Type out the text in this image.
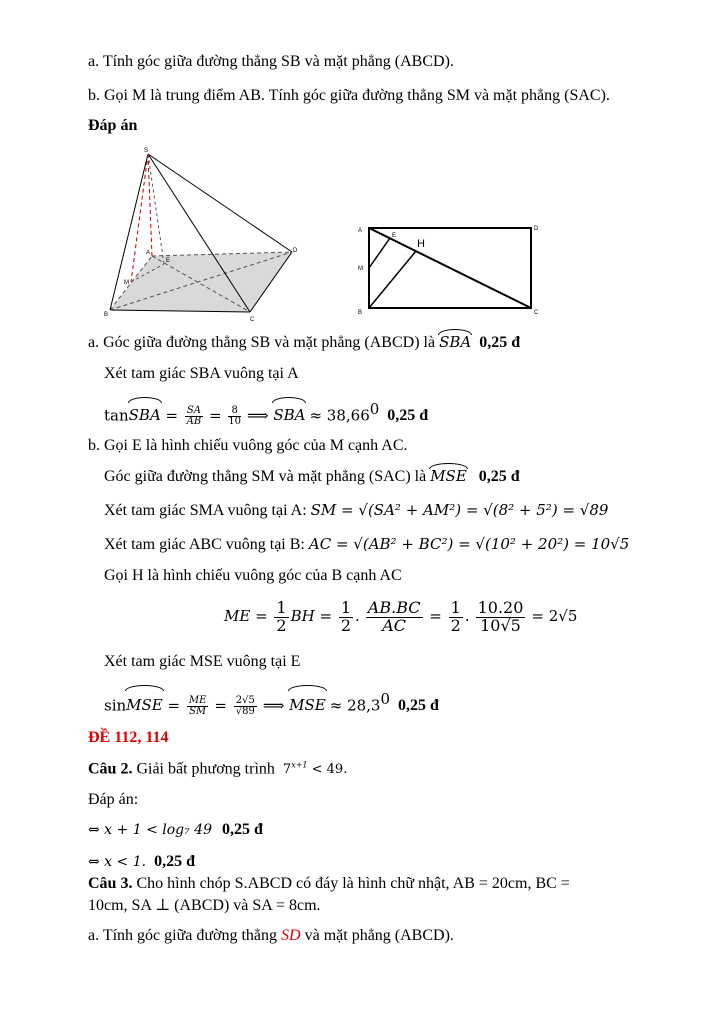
a. Tính góc giữa đường thẳng SB và mặt phẳng (ABCD).
b. Gọi M là trung điểm AB. Tính góc giữa đường thẳng SM và mặt phẳng (SAC).
Đáp án
S
A
B
C
D
M
E
A
B	C
D
E
H
M
a. Góc giữa đường thẳng SB và mặt phẳng (ABCD) là SBA 0,25 đ
Xét tam giác SBA vuông tại A
tanSBA = $\frac{SA}{AB} = \frac{8}{10}$ ⟹ SBA ≈ $38,66^0$ 0,25 đ
b. Gọi E là hình chiếu vuông góc của M cạnh AC.
Góc giữa đường thẳng SM và mặt phẳng (SAC) là MSE 0,25 đ
Xét tam giác SMA vuông tại A: SM = √(SA² + AM²) = √(8² + 5²) = √89
Xét tam giác ABC vuông tại B: AC = √(AB² + BC²) = √(10² + 20²) = 10√5
Gọi H là hình chiếu vuông góc của B cạnh AC
ME = $\frac{1}{2}$ BH = $\frac{1}{2}$ . $\frac{AB.BC}{AC} = \frac{1}{2}$ . $\frac{10.20}{10√5} = 2√5$
Xét tam giác MSE vuông tại E
sinMSE = $\frac{ME}{SM} = \frac{2√5}{√89}$ ⟹ MSE ≈ $28,3^0$ 0,25 đ
ĐỀ 112, 114
Câu 2. Giải bất phương trình $7^{x+1} < 49$.
Đáp án:
⇔ x + 1 < log₇ 49 0,25 đ
⇔ x < 1. 0,25 đ
Câu 3. Cho hình chóp S.ABCD có đáy là hình chữ nhật, AB = 20cm, BC =
10cm, SA ⊥ (ABCD) và SA = 8cm.
a. Tính góc giữa đường thẳng SD và mặt phẳng (ABCD).
